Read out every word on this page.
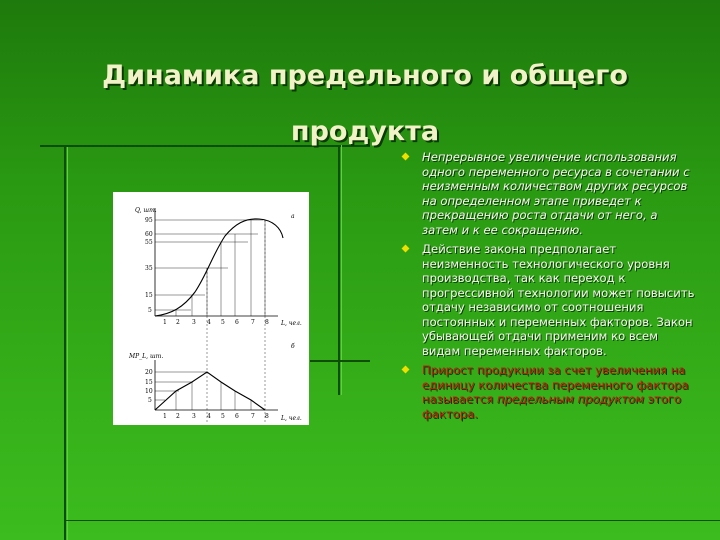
Динамика предельного и общего
продукта
Q, шт.
L, чел.
а
95
60
55
35
15
5
1 2 3 4 5 6 7 8
MP_L, шт.
L, чел.
б
20
15
10
5
1 2 3 4 5 6 7 8
Непрерывное увеличение использования одного переменного ресурса в сочетании с неизменным количеством других ресурсов на определенном этапе приведет к прекращению роста отдачи от него, а затем и к ее сокращению.
Действие закона предполагает неизменность технологического уровня производства, так как переход к прогрессивной технологии может повысить отдачу независимо от соотношения постоянных и переменных факторов. Закон убывающей отдачи применим ко всем видам переменных факторов.
Прирост продукции за счет увеличения на единицу количества переменного фактора называется предельным продуктом этого фактора.
